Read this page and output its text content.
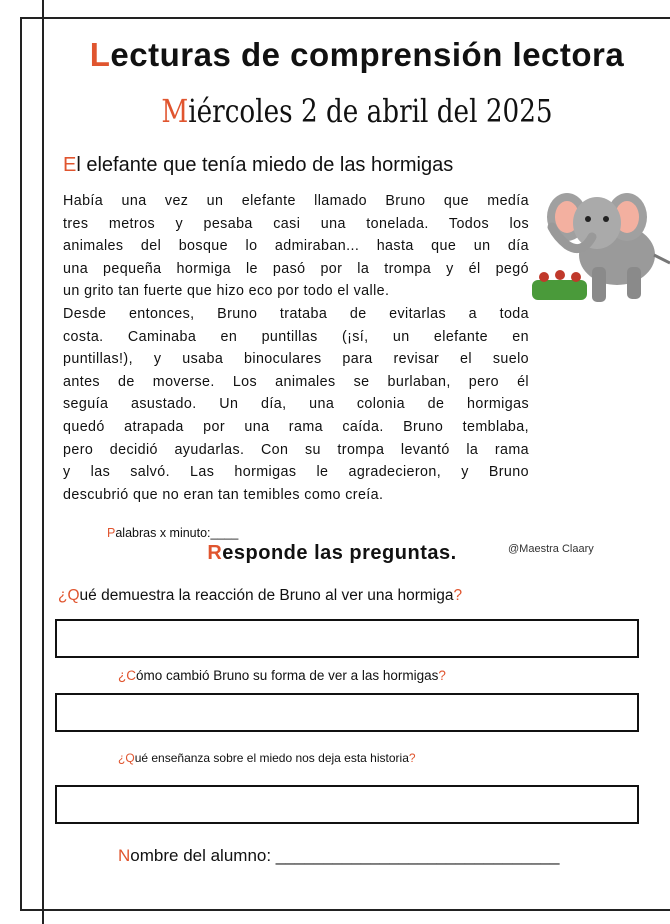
Lecturas de comprensión lectora
Miércoles 2 de abril del 2025
El elefante que tenía miedo de las hormigas
Había una vez un elefante llamado Bruno que medía
tres metros y pesaba casi una tonelada. Todos los
animales del bosque lo admiraban... hasta que un día
una pequeña hormiga le pasó por la trompa y él pegó
un grito tan fuerte que hizo eco por todo el valle.
Desde entonces, Bruno trataba de evitarlas a toda
costa. Caminaba en puntillas (¡sí, un elefante en
puntillas!), y usaba binoculares para revisar el suelo
antes de moverse. Los animales se burlaban, pero él
seguía asustado. Un día, una colonia de hormigas
quedó atrapada por una rama caída. Bruno temblaba,
pero decidió ayudarlas. Con su trompa levantó la rama
y las salvó. Las hormigas le agradecieron, y Bruno
descubrió que no eran tan temibles como creía.
Palabras x minuto:____
@Maestra Claary
Responde las preguntas.
¿Qué demuestra la reacción de Bruno al ver una hormiga?
¿Cómo cambió Bruno su forma de ver a las hormigas?
¿Qué enseñanza sobre el miedo nos deja esta historia?
Nombre del alumno: ______________________________
